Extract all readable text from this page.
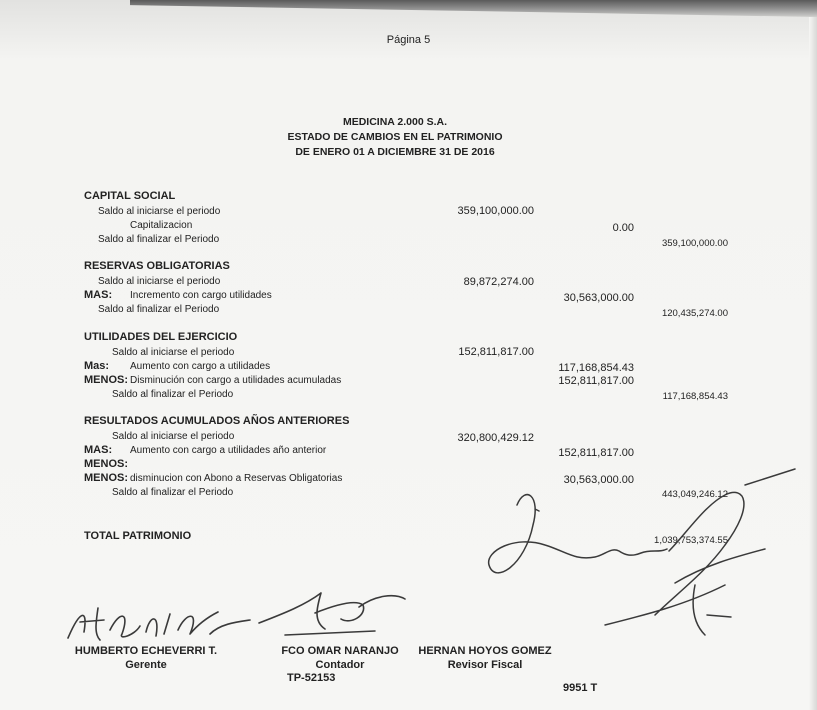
Página 5
MEDICINA 2.000 S.A.
ESTADO DE CAMBIOS EN EL PATRIMONIO
DE ENERO 01 A DICIEMBRE 31 DE 2016
CAPITAL SOCIAL
Saldo al iniciarse el periodo	359,100,000.00
Capitalizacion	0.00
Saldo al finalizar el Periodo	359,100,000.00
RESERVAS OBLIGATORIAS
Saldo al iniciarse el periodo	89,872,274.00
MAS: Incremento con cargo utilidades	30,563,000.00
Saldo al finalizar el Periodo	120,435,274.00
UTILIDADES DEL EJERCICIO
Saldo al iniciarse el periodo	152,811,817.00
Mas: Aumento con cargo a utilidades	117,168,854.43
MENOS: Disminución con cargo a utilidades acumuladas	152,811,817.00
Saldo al finalizar el Periodo	117,168,854.43
RESULTADOS ACUMULADOS AÑOS ANTERIORES
Saldo al iniciarse el periodo	320,800,429.12
MAS: Aumento con cargo a utilidades año anterior	152,811,817.00
MENOS:
MENOS: disminucion con Abono a Reservas Obligatorias	30,563,000.00
Saldo al finalizar el Periodo	443,049,246.12
TOTAL PATRIMONIO	1,039,753,374.55
HUMBERTO ECHEVERRI T.
Gerente
FCO OMAR NARANJO
Contador
TP-52153
HERNAN HOYOS GOMEZ
Revisor Fiscal
9951 T
